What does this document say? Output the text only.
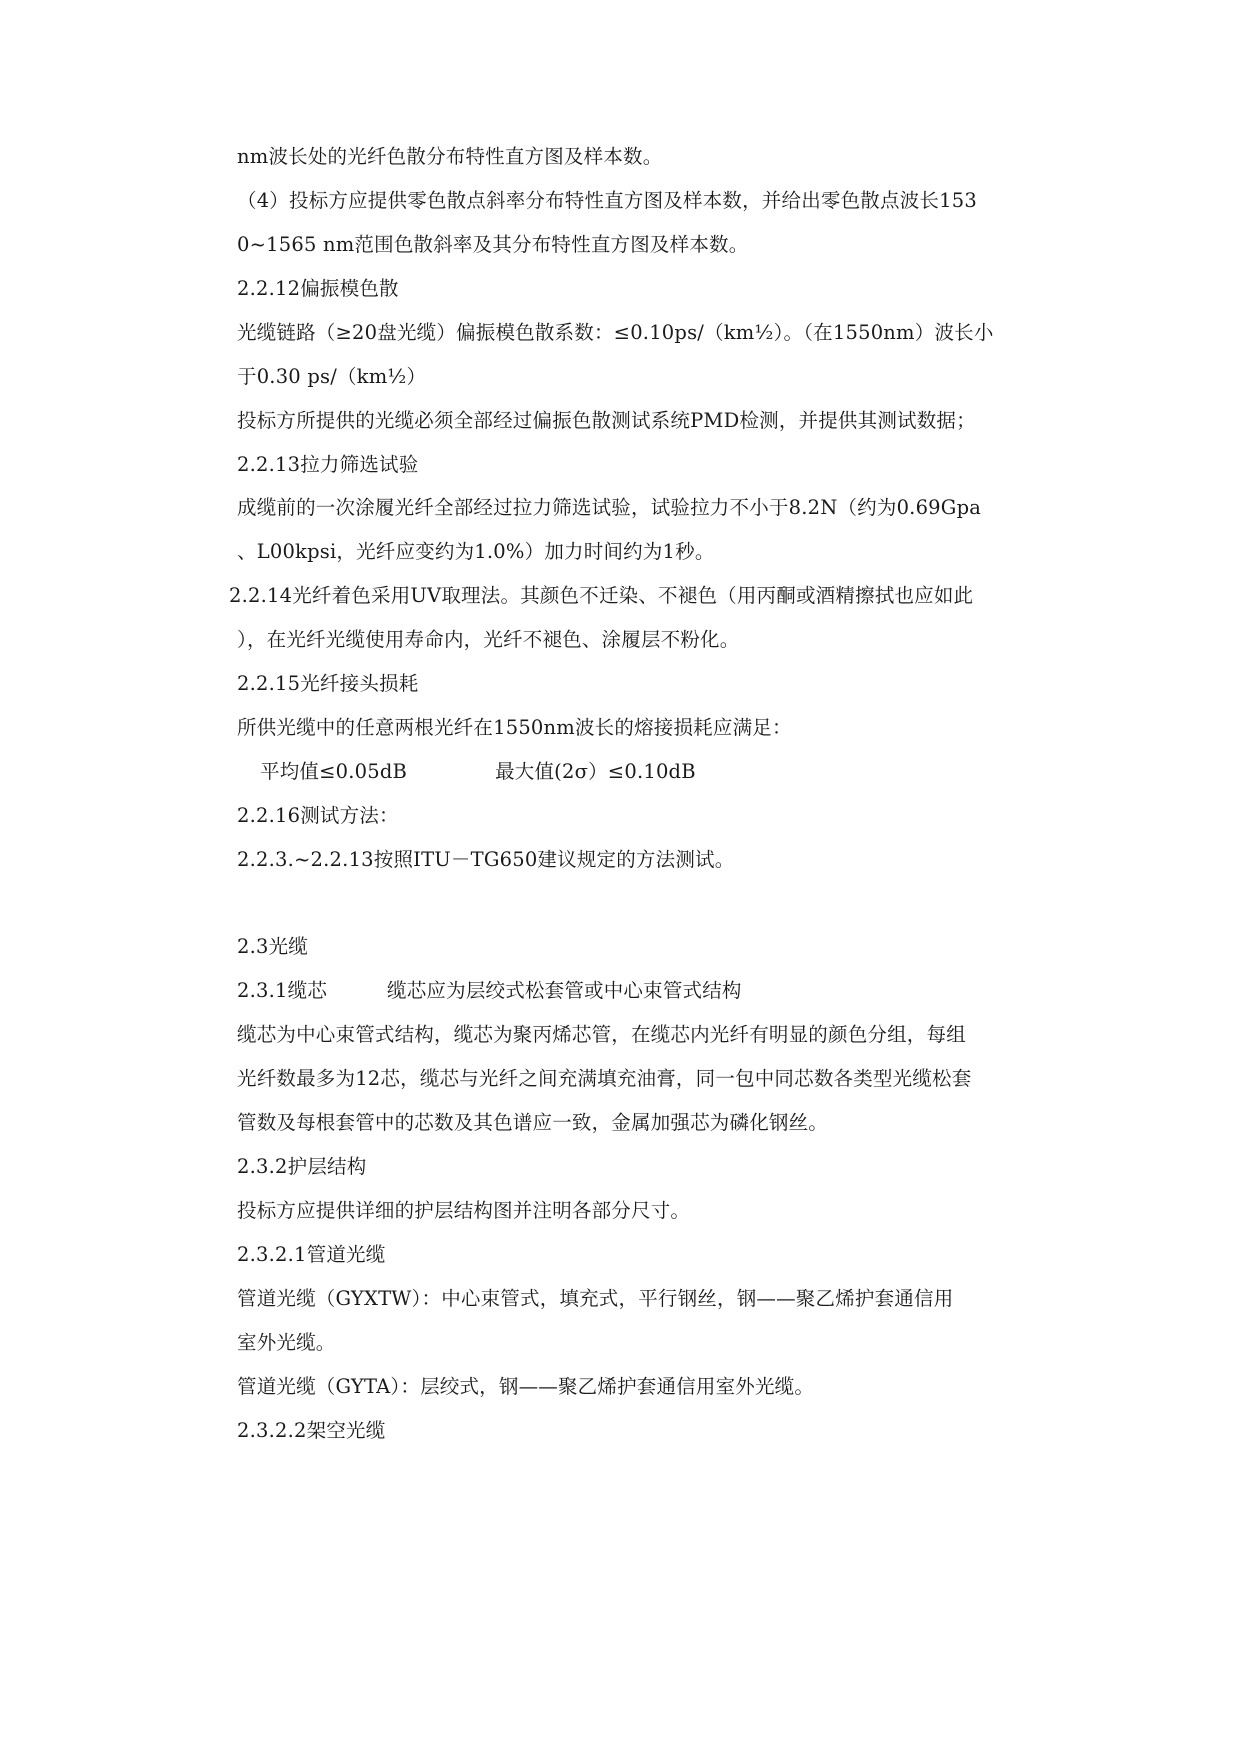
nm波长处的光纤色散分布特性直方图及样本数。
（4）投标方应提供零色散点斜率分布特性直方图及样本数，并给出零色散点波长153
0~1565 nm范围色散斜率及其分布特性直方图及样本数。
2.2.12偏振模色散
光缆链路（≥20盘光缆）偏振模色散系数：≤0.10ps/（km½）。（在1550nm）波长小
于0.30 ps/（km½）
投标方所提供的光缆必须全部经过偏振色散测试系统PMD检测，并提供其测试数据；
2.2.13拉力筛选试验
成缆前的一次涂履光纤全部经过拉力筛选试验，试验拉力不小于8.2N（约为0.69Gpa
、L00kpsi，光纤应变约为1.0%）加力时间约为1秒。
2.2.14光纤着色采用UV取理法。其颜色不迁染、不褪色（用丙酮或酒精擦拭也应如此
），在光纤光缆使用寿命内，光纤不褪色、涂履层不粉化。
2.2.15光纤接头损耗
所供光缆中的任意两根光纤在1550nm波长的熔接损耗应满足：
平均值≤0.05dB	最大值(2σ）≤0.10dB
2.2.16测试方法：
2.2.3.~2.2.13按照ITU－TG650建议规定的方法测试。
2.3光缆
2.3.1缆芯	缆芯应为层绞式松套管或中心束管式结构
缆芯为中心束管式结构，缆芯为聚丙烯芯管，在缆芯内光纤有明显的颜色分组，每组
光纤数最多为12芯，缆芯与光纤之间充满填充油膏，同一包中同芯数各类型光缆松套
管数及每根套管中的芯数及其色谱应一致，金属加强芯为磷化钢丝。
2.3.2护层结构
投标方应提供详细的护层结构图并注明各部分尺寸。
2.3.2.1管道光缆
管道光缆（GYXTW）：中心束管式，填充式，平行钢丝，钢——聚乙烯护套通信用
室外光缆。
管道光缆（GYTA）：层绞式，钢——聚乙烯护套通信用室外光缆。
2.3.2.2架空光缆
